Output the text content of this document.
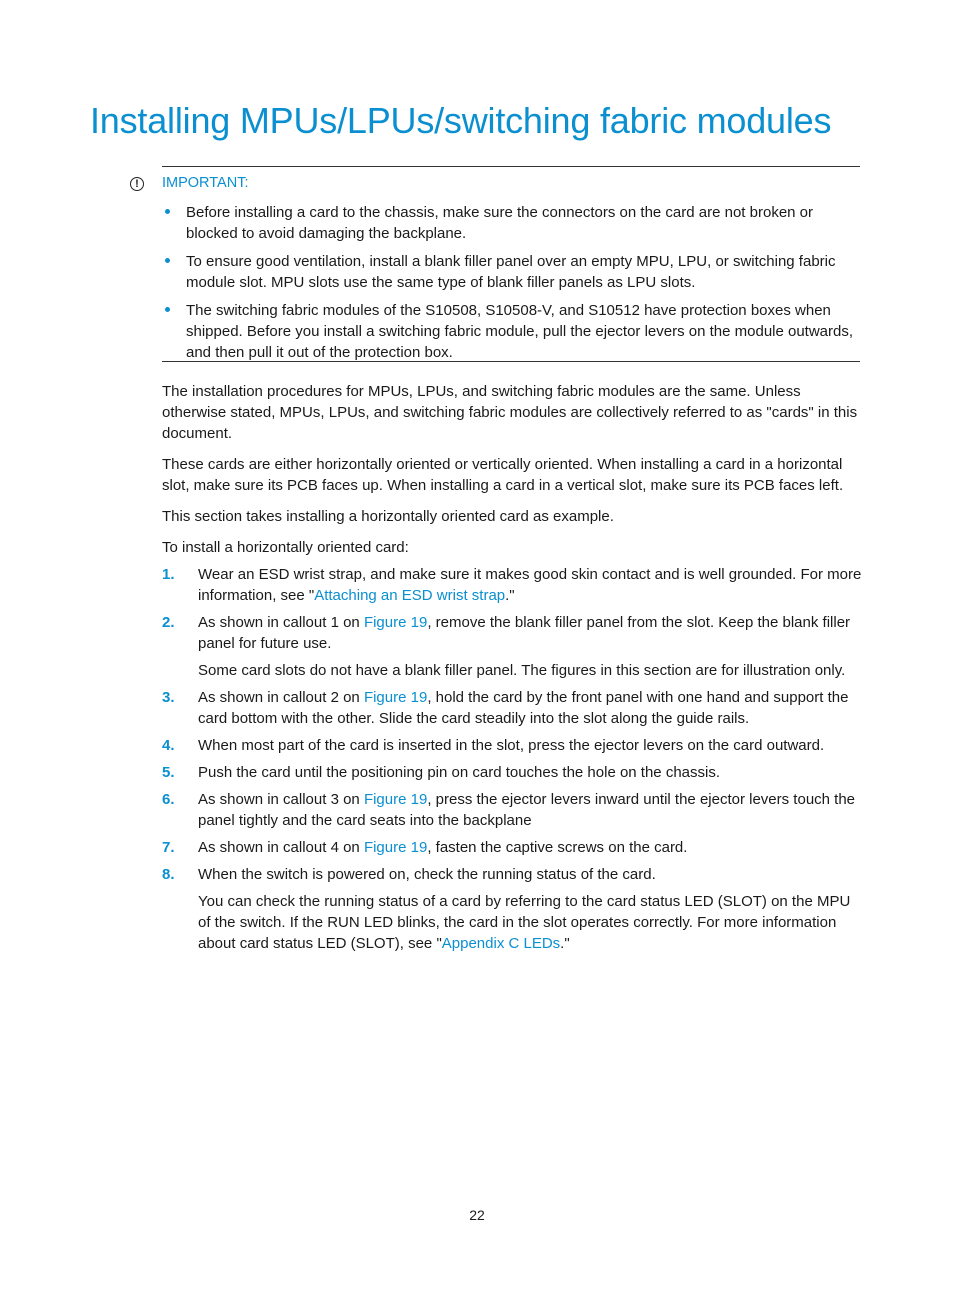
Installing MPUs/LPUs/switching fabric modules
!	IMPORTANT:
Before installing a card to the chassis, make sure the connectors on the card are not broken or blocked to avoid damaging the backplane.
To ensure good ventilation, install a blank filler panel over an empty MPU, LPU, or switching fabric module slot. MPU slots use the same type of blank filler panels as LPU slots.
The switching fabric modules of the S10508, S10508-V, and S10512 have protection boxes when shipped. Before you install a switching fabric module, pull the ejector levers on the module outwards, and then pull it out of the protection box.

The installation procedures for MPUs, LPUs, and switching fabric modules are the same. Unless otherwise stated, MPUs, LPUs, and switching fabric modules are collectively referred to as "cards" in this document.

These cards are either horizontally oriented or vertically oriented. When installing a card in a horizontal slot, make sure its PCB faces up. When installing a card in a vertical slot, make sure its PCB faces left.

This section takes installing a horizontally oriented card as example.

To install a horizontally oriented card:

1. Wear an ESD wrist strap, and make sure it makes good skin contact and is well grounded. For more information, see "Attaching an ESD wrist strap."
2. As shown in callout 1 on Figure 19, remove the blank filler panel from the slot. Keep the blank filler panel for future use.
Some card slots do not have a blank filler panel. The figures in this section are for illustration only.
3. As shown in callout 2 on Figure 19, hold the card by the front panel with one hand and support the card bottom with the other. Slide the card steadily into the slot along the guide rails.
4. When most part of the card is inserted in the slot, press the ejector levers on the card outward.
5. Push the card until the positioning pin on card touches the hole on the chassis.
6. As shown in callout 3 on Figure 19, press the ejector levers inward until the ejector levers touch the panel tightly and the card seats into the backplane
7. As shown in callout 4 on Figure 19, fasten the captive screws on the card.
8. When the switch is powered on, check the running status of the card.
You can check the running status of a card by referring to the card status LED (SLOT) on the MPU of the switch. If the RUN LED blinks, the card in the slot operates correctly. For more information about card status LED (SLOT), see "Appendix C LEDs."
22
